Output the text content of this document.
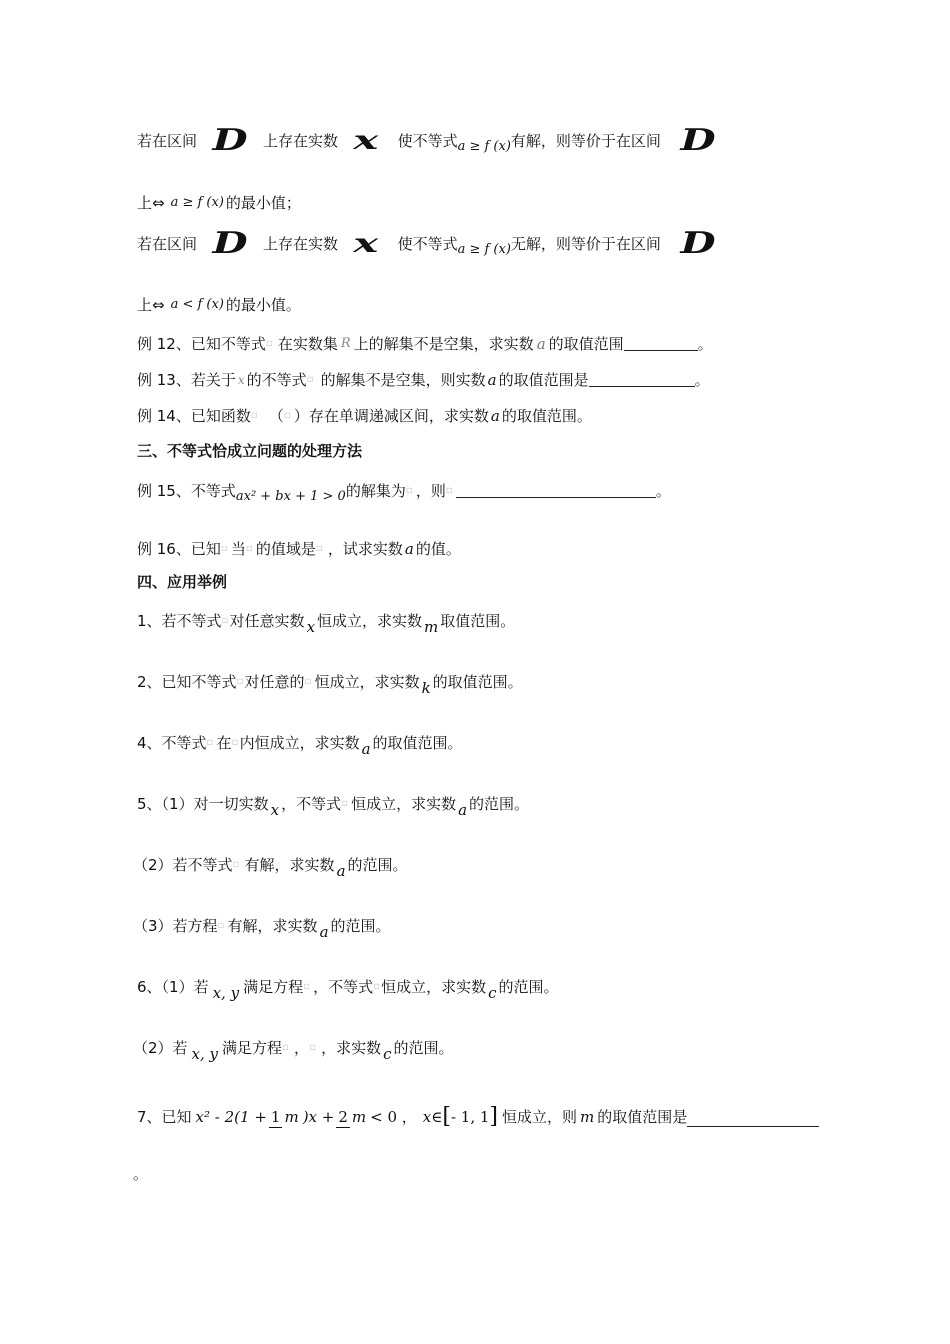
若在区间 D 上存在实数 x 使不等式a ≥ f (x)有解，则等价于在区间 D
上⇔ a ≥ f (x) 的最小值；
若在区间 D 上存在实数 x 使不等式a ≥ f (x)无解，则等价于在区间 D
上⇔ a < f (x) 的最小值。
例 12、已知不等式▫ 在实数集 R 上的解集不是空集，求实数 a 的取值范围	。
例 13、若关于 x 的不等式▫ 的解集不是空集，则实数 a 的取值范围是	。
例 14、已知函数▫ （▫ ）存在单调递减区间，求实数 a 的取值范围。
三、不等式恰成立问题的处理方法
例 15、不等式ax² + bx + 1 > 0的解集为▫ ，则▫	。
例 16、已知▫ 当▫ 的值域是▫ ，试求实数 a 的值。
四、应用举例
1、若不等式▫对任意实数 x 恒成立，求实数 m 取值范围。
2、已知不等式▫对任意的▫ 恒成立，求实数 k 的取值范围。
4、不等式▫ 在▫内恒成立，求实数 a 的取值范围。
5、（1）对一切实数 x ，不等式▫ 恒成立，求实数 a 的范围。
（2）若不等式▫ 有解，求实数 a 的范围。
（3）若方程▫ 有解，求实数 a 的范围。
6、（1）若 x, y 满足方程▫ ，不等式▫恒成立，求实数 c 的范围。
（2）若 x, y 满足方程▫ ，▫ ，求实数 c 的范围。
7、已知 x² - 2(1 + 1 m )x + 2 m < 0 ， x∈[- 1, 1] 恒成立，则 m 的取值范围是
。
